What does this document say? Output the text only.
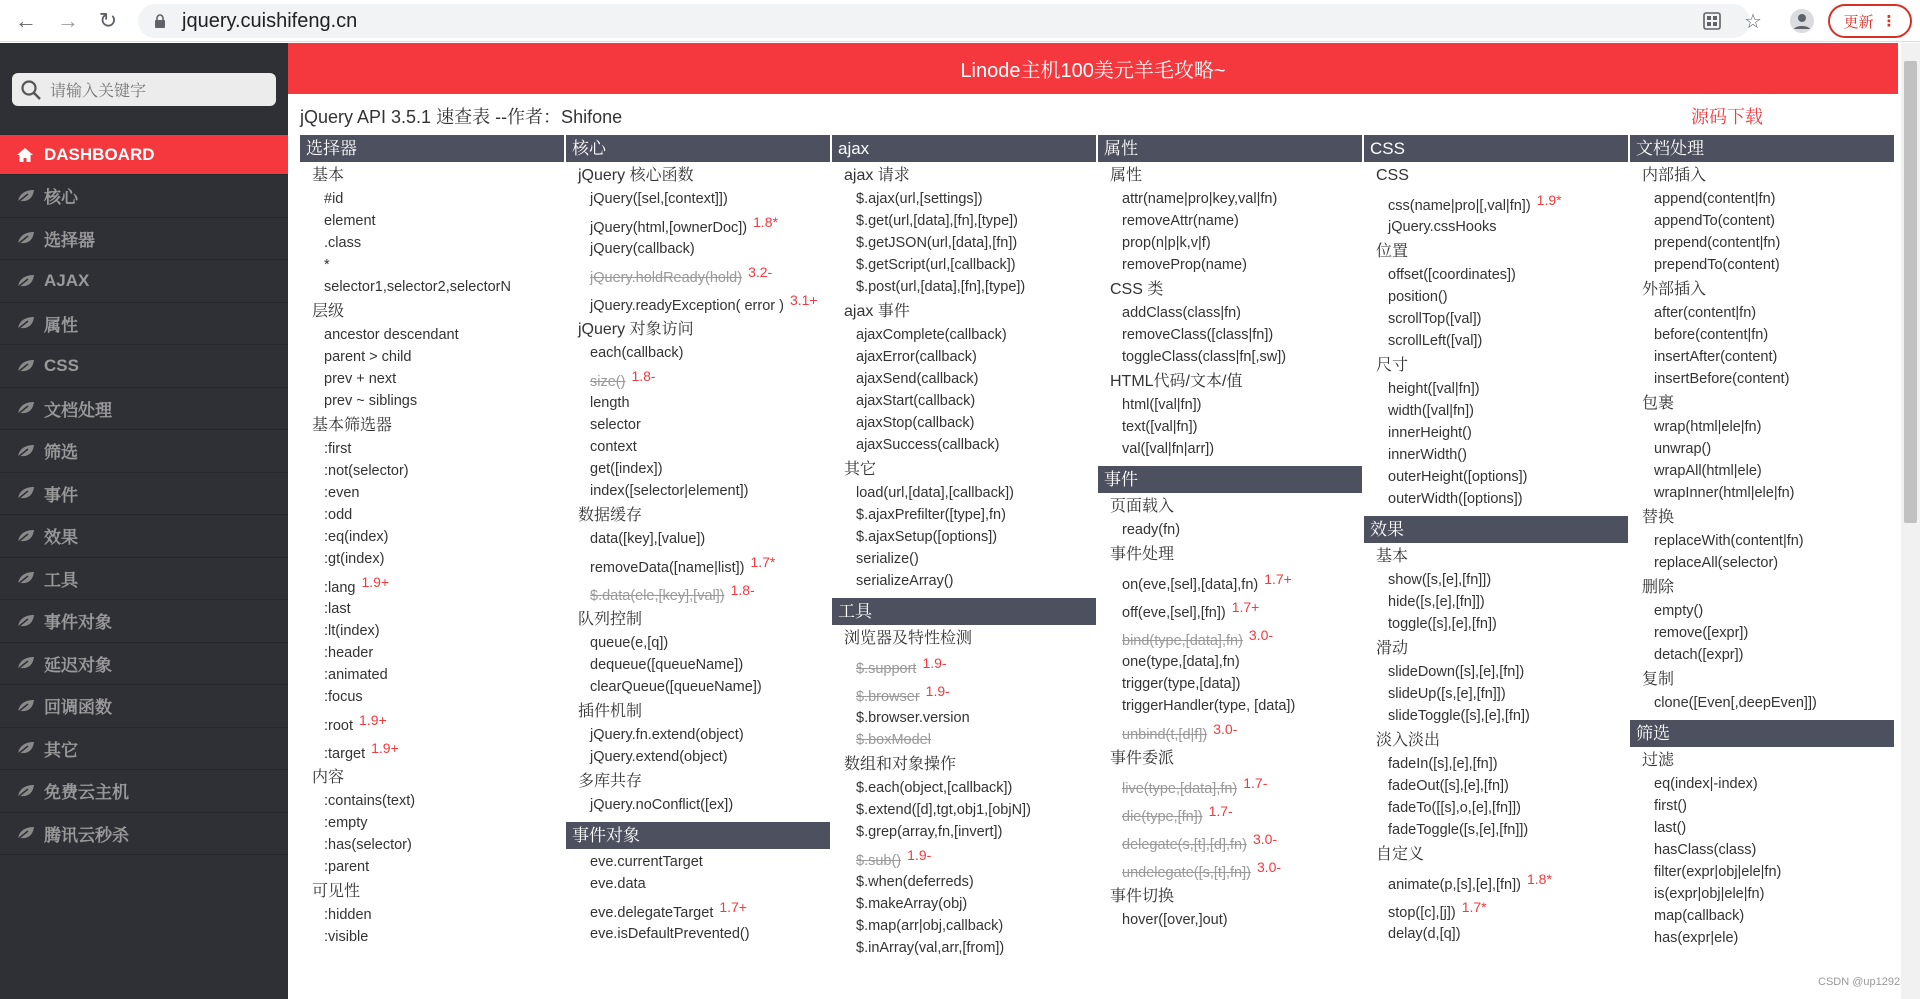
← → ↻	jquery.cuishifeng.cn	☆	更新 ⋮
请输入关键字
DASHBOARD
核心
选择器
AJAX
属性
CSS
文档处理
筛选
事件
效果
工具
事件对象
延迟对象
回调函数
其它
免费云主机
腾讯云秒杀
Linode主机100美元羊毛攻略~
jQuery API 3.5.1 速查表 --作者：Shifone	源码下载
选择器
基本
#id
element
.class
*
selector1,selector2,selectorN
层级
ancestor descendant
parent > child
prev + next
prev ~ siblings
基本筛选器
:first
:not(selector)
:even
:odd
:eq(index)
:gt(index)
:lang 1.9+
:last
:lt(index)
:header
:animated
:focus
:root 1.9+
:target 1.9+
内容
:contains(text)
:empty
:has(selector)
:parent
可见性
:hidden
:visible
核心
jQuery 核心函数
jQuery([sel,[context]])
jQuery(html,[ownerDoc]) 1.8*
jQuery(callback)
jQuery.holdReady(hold) 3.2-
jQuery.readyException( error ) 3.1+
jQuery 对象访问
each(callback)
size() 1.8-
length
selector
context
get([index])
index([selector|element])
数据缓存
data([key],[value])
removeData([name|list]) 1.7*
$.data(ele,[key],[val]) 1.8-
队列控制
queue(e,[q])
dequeue([queueName])
clearQueue([queueName])
插件机制
jQuery.fn.extend(object)
jQuery.extend(object)
多库共存
jQuery.noConflict([ex])
事件对象
eve.currentTarget
eve.data
eve.delegateTarget 1.7+
eve.isDefaultPrevented()
ajax
ajax 请求
$.ajax(url,[settings])
$.get(url,[data],[fn],[type])
$.getJSON(url,[data],[fn])
$.getScript(url,[callback])
$.post(url,[data],[fn],[type])
ajax 事件
ajaxComplete(callback)
ajaxError(callback)
ajaxSend(callback)
ajaxStart(callback)
ajaxStop(callback)
ajaxSuccess(callback)
其它
load(url,[data],[callback])
$.ajaxPrefilter([type],fn)
$.ajaxSetup([options])
serialize()
serializeArray()
工具
浏览器及特性检测
$.support 1.9-
$.browser 1.9-
$.browser.version
$.boxModel
数组和对象操作
$.each(object,[callback])
$.extend([d],tgt,obj1,[objN])
$.grep(array,fn,[invert])
$.sub() 1.9-
$.when(deferreds)
$.makeArray(obj)
$.map(arr|obj,callback)
$.inArray(val,arr,[from])
属性
属性
attr(name|pro|key,val|fn)
removeAttr(name)
prop(n|p|k,v|f)
removeProp(name)
CSS 类
addClass(class|fn)
removeClass([class|fn])
toggleClass(class|fn[,sw])
HTML代码/文本/值
html([val|fn])
text([val|fn])
val([val|fn|arr])
事件
页面载入
ready(fn)
事件处理
on(eve,[sel],[data],fn) 1.7+
off(eve,[sel],[fn]) 1.7+
bind(type,[data],fn) 3.0-
one(type,[data],fn)
trigger(type,[data])
triggerHandler(type, [data])
unbind(t,[d|f]) 3.0-
事件委派
live(type,[data],fn) 1.7-
die(type,[fn]) 1.7-
delegate(s,[t],[d],fn) 3.0-
undelegate([s,[t],fn]) 3.0-
事件切换
hover([over,]out)
CSS
CSS
css(name|pro|[,val|fn]) 1.9*
jQuery.cssHooks
位置
offset([coordinates])
position()
scrollTop([val])
scrollLeft([val])
尺寸
height([val|fn])
width([val|fn])
innerHeight()
innerWidth()
outerHeight([options])
outerWidth([options])
效果
基本
show([s,[e],[fn]])
hide([s,[e],[fn]])
toggle([s],[e],[fn])
滑动
slideDown([s],[e],[fn])
slideUp([s,[e],[fn]])
slideToggle([s],[e],[fn])
淡入淡出
fadeIn([s],[e],[fn])
fadeOut([s],[e],[fn])
fadeTo([[s],o,[e],[fn]])
fadeToggle([s,[e],[fn]])
自定义
animate(p,[s],[e],[fn]) 1.8*
stop([c],[j]) 1.7*
delay(d,[q])
文档处理
内部插入
append(content|fn)
appendTo(content)
prepend(content|fn)
prependTo(content)
外部插入
after(content|fn)
before(content|fn)
insertAfter(content)
insertBefore(content)
包裹
wrap(html|ele|fn)
unwrap()
wrapAll(html|ele)
wrapInner(html|ele|fn)
替换
replaceWith(content|fn)
replaceAll(selector)
删除
empty()
remove([expr])
detach([expr])
复制
clone([Even[,deepEven]])
筛选
过滤
eq(index|-index)
first()
last()
hasClass(class)
filter(expr|obj|ele|fn)
is(expr|obj|ele|fn)
map(callback)
has(expr|ele)
CSDN @up1292
